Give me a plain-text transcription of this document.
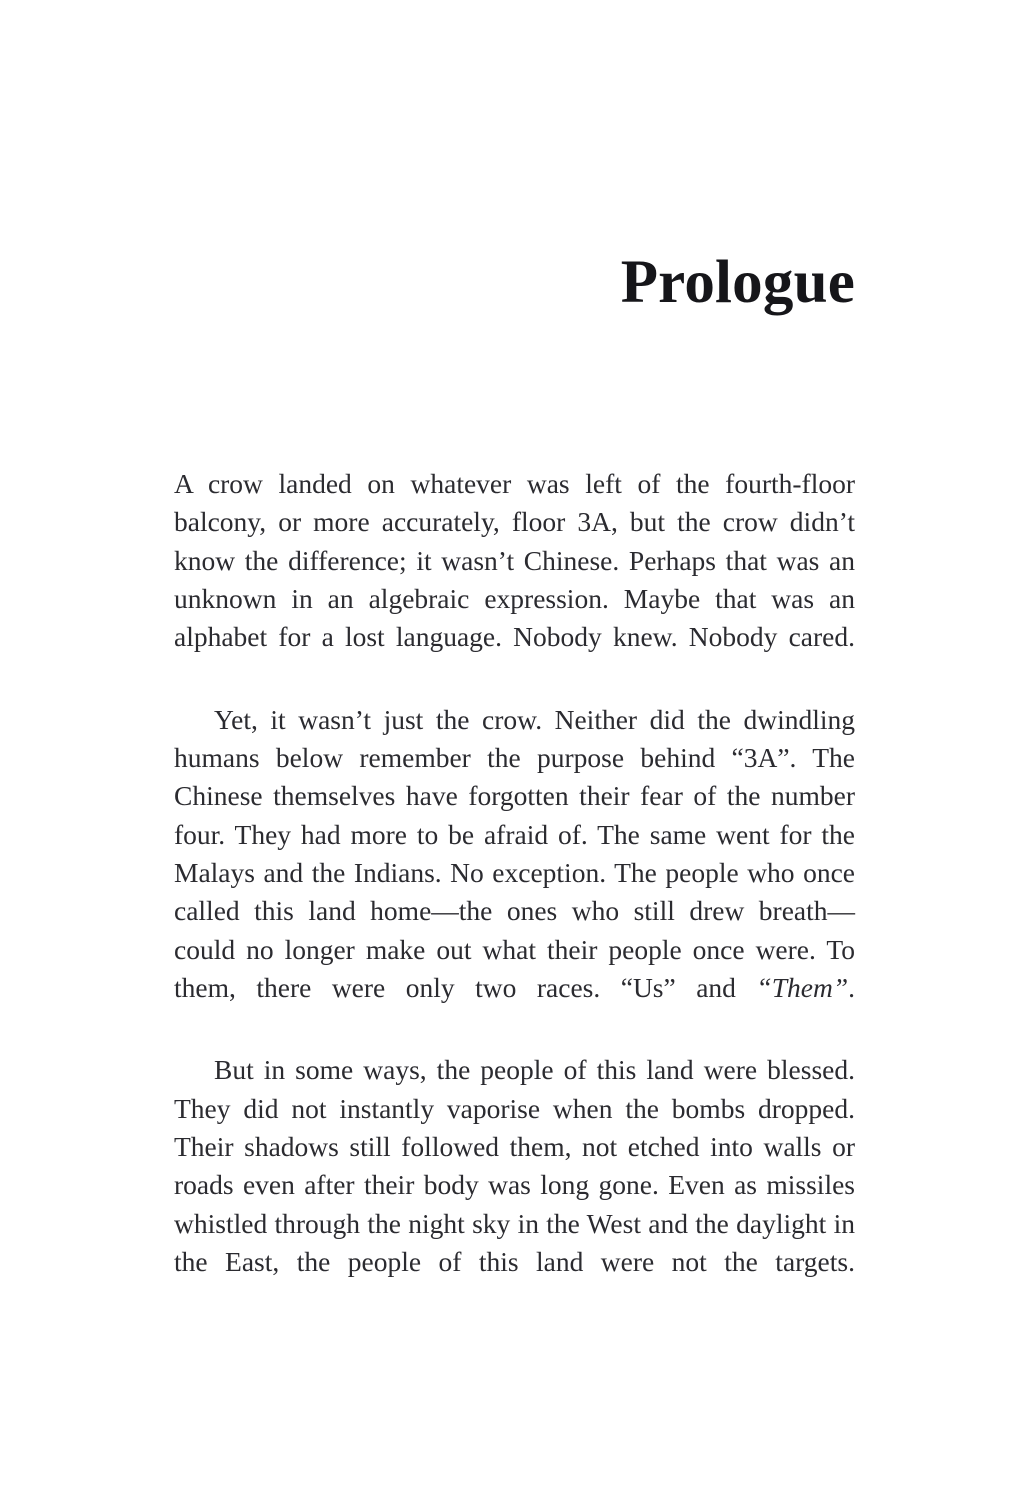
Prologue

A crow landed on whatever was left of the fourth-floor balcony, or more accurately, floor 3A, but the crow didn’t know the difference; it wasn’t Chinese. Perhaps that was an unknown in an algebraic expression. Maybe that was an alphabet for a lost language. Nobody knew. Nobody cared.

Yet, it wasn’t just the crow. Neither did the dwindling humans below remember the purpose behind “3A”. The Chinese themselves have forgotten their fear of the number four. They had more to be afraid of. The same went for the Malays and the Indians. No exception. The people who once called this land home—the ones who still drew breath—could no longer make out what their people once were. To them, there were only two races. “Us” and “Them”.

But in some ways, the people of this land were blessed. They did not instantly vaporise when the bombs dropped. Their shadows still followed them, not etched into walls or roads even after their body was long gone. Even as missiles whistled through the night sky in the West and the daylight in the East, the people of this land were not the targets.
